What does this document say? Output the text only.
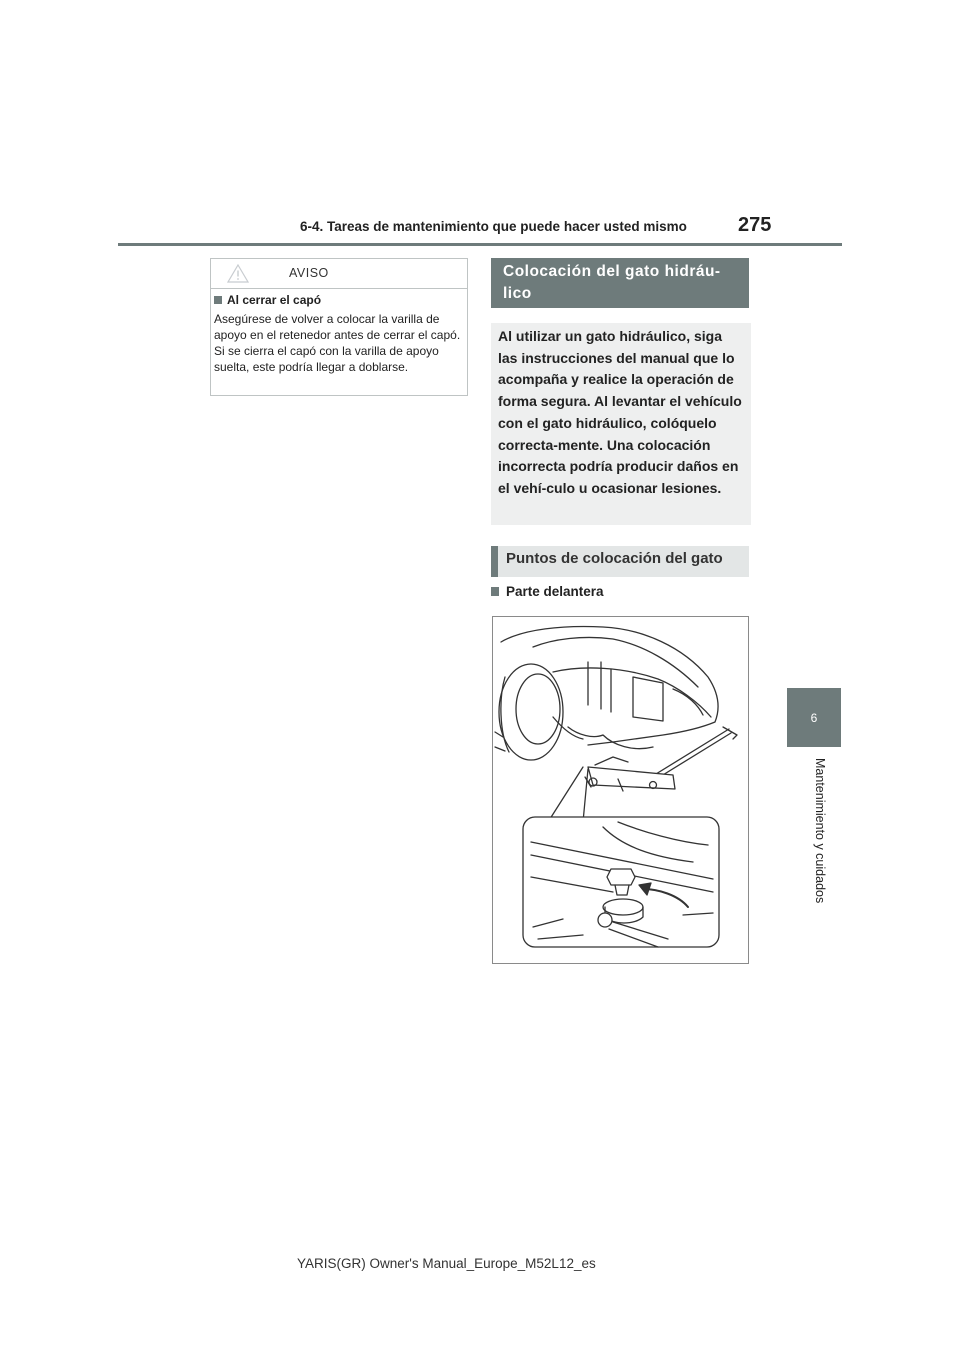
6-4. Tareas de mantenimiento que puede hacer usted mismo	275
6
Mantenimiento y cuidados
AVISO
Al cerrar el capó
Asegúrese de volver a colocar la varilla de apoyo en el retenedor antes de cerrar el capó. Si se cierra el capó con la varilla de apoyo suelta, este podría llegar a doblarse.
Colocación del gato hidráu-lico
Al utilizar un gato hidráulico, siga las instrucciones del manual que lo acompaña y realice la operación de forma segura. Al levantar el vehículo con el gato hidráulico, colóquelo correcta-mente. Una colocación incorrecta podría producir daños en el vehí-culo u ocasionar lesiones.
Puntos de colocación del gato
Parte delantera
YARIS(GR) Owner's Manual_Europe_M52L12_es
